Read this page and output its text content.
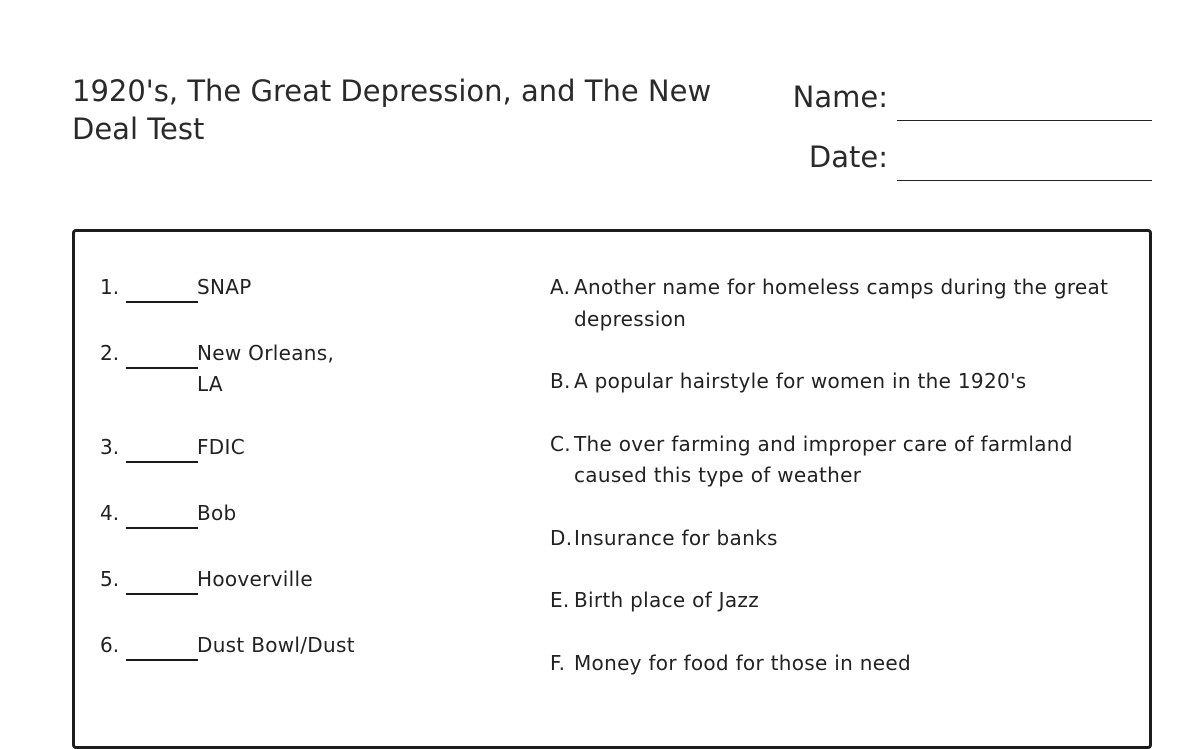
1920's, The Great Depression, and The New Deal Test
Name:
Date:
1.	SNAP
2.	New Orleans, LA
3.	FDIC
4.	Bob
5.	Hooverville
6.	Dust Bowl/Dust
A. Another name for homeless camps during the great depression
B. A popular hairstyle for women in the 1920's
C. The over farming and improper care of farmland caused this type of weather
D. Insurance for banks
E. Birth place of Jazz
F. Money for food for those in need
